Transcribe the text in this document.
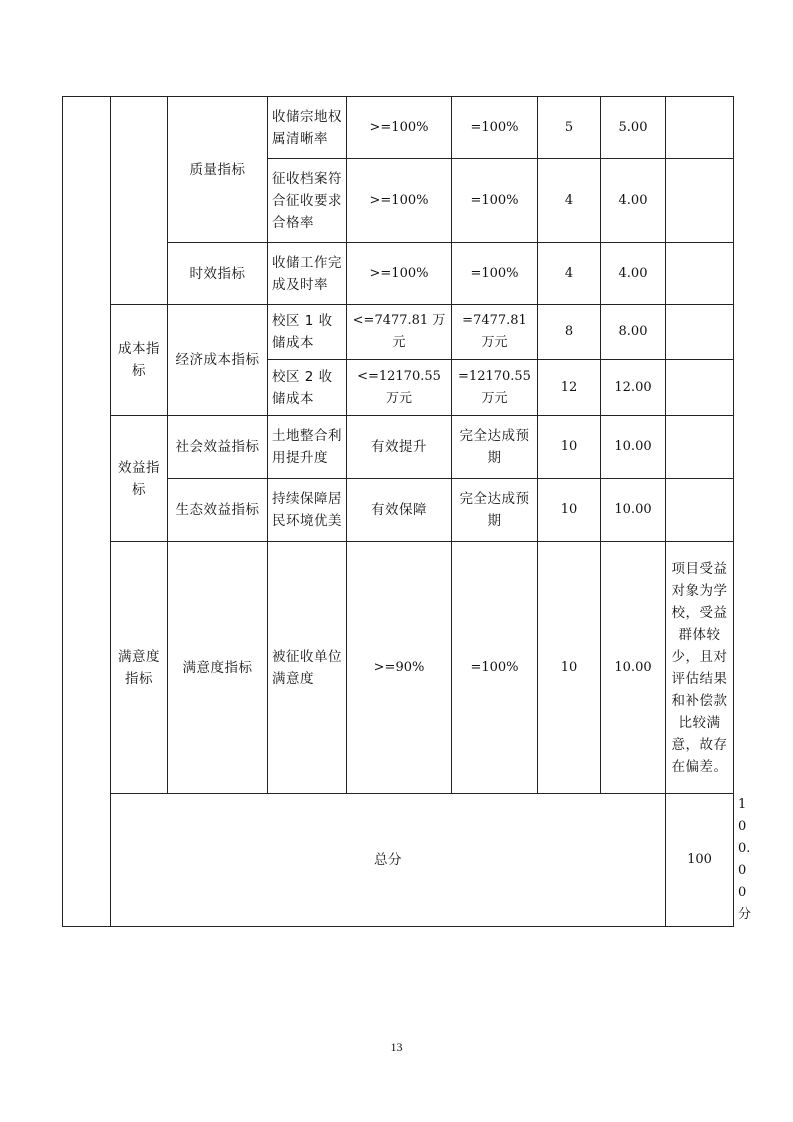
		质量指标	收储宗地权属清晰率	>=100%	=100%	5	5.00		
			征收档案符合征收要求合格率	>=100%	=100%	4	4.00		
		时效指标	收储工作完成及时率	>=100%	=100%	4	4.00		
	成本指标	经济成本指标	校区 1 收储成本	<=7477.81 万元	=7477.81 万元	8	8.00		
			校区 2 收储成本	<=12170.55 万元	=12170.55 万元	12	12.00		
	效益指标	社会效益指标	土地整合利用提升度	有效提升	完全达成预期	10	10.00		
		生态效益指标	持续保障居民环境优美	有效保障	完全达成预期	10	10.00		
	满意度指标	满意度指标	被征收单位满意度	>=90%	=100%	10	10.00	项目受益对象为学校，受益群体较少，且对评估结果和补偿款比较满意，故存在偏差。	
	总分							100	100.00 分	
13
